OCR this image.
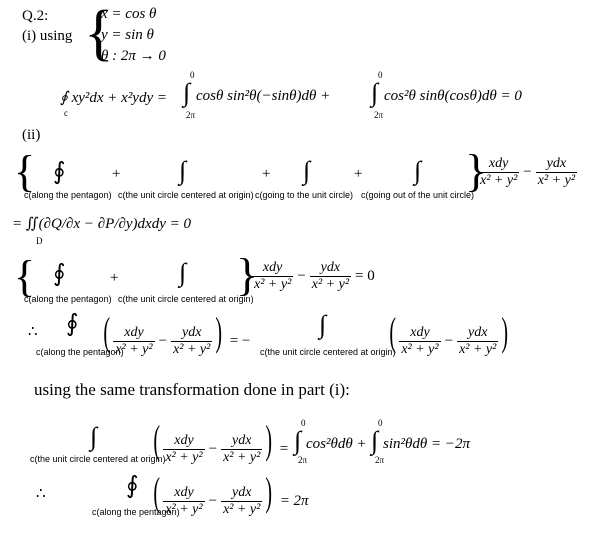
Q.2:
(i) using {
x = cos θ
y = sin θ
θ : 2π → 0
∮ xy²dx + x²ydy =
c
0
∫
2π
cosθ sin²θ(−sinθ)dθ +
0
∫
2π
cos²θ sinθ(cosθ)dθ = 0
(ii)
{ ∮
c(along the pentagon)
+ ∫
c(the unit circle centered at origin)
+ ∫
c(going to the unit circle)
+ ∫
c(going out of the unit circle)
}
$\frac{\text{xdy}}{\text{x² + y²}} - \frac{\text{ydx}}{\text{x² + y²}}$
= ∬(∂Q/∂x − ∂P/∂y)dxdy = 0
D
{ ∮
c(along the pentagon)
+ ∫
c(the unit circle centered at origin)
}
$\frac{\text{xdy}}{\text{x² + y²}} - \frac{\text{ydx}}{\text{x² + y²}} = 0$
∴ ∮
c(along the pentagon)
( $\frac{\text{xdy}}{\text{x² + y²}} - \frac{\text{ydx}}{\text{x² + y²}}$ ) = −
∫
c(the unit circle centered at origin)
( $\frac{\text{xdy}}{\text{x² + y²}} - \frac{\text{ydx}}{\text{x² + y²}}$ )
using the same transformation done in part (i):
∫
c(the unit circle centered at origin)
( $\frac{\text{xdy}}{\text{x² + y²}} - \frac{\text{ydx}}{\text{x² + y²}}$ ) =
0
∫
2π
cos²θdθ +
0
∫
2π
sin²θdθ = −2π
∴	∮
c(along the pentagon)
( $\frac{\text{xdy}}{\text{x² + y²}} - \frac{\text{ydx}}{\text{x² + y²}}$ ) = 2π
